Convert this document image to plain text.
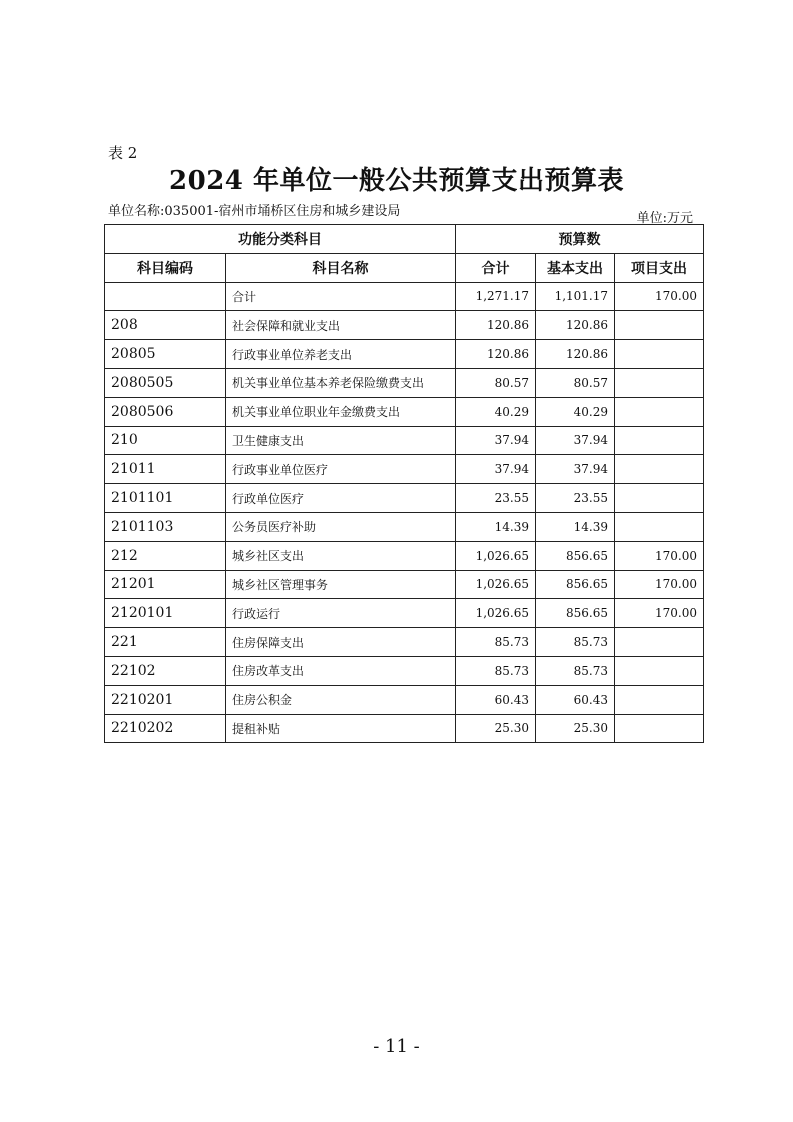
表 2
2024 年单位一般公共预算支出预算表
单位名称:035001-宿州市埇桥区住房和城乡建设局	单位:万元
功能分类科目		预算数		
科目编码	科目名称	合计	基本支出	项目支出
	合计	1,271.17	1,101.17	170.00
208	社会保障和就业支出	120.86	120.86	
20805	行政事业单位养老支出	120.86	120.86	
2080505	机关事业单位基本养老保险缴费支出	80.57	80.57	
2080506	机关事业单位职业年金缴费支出	40.29	40.29	
210	卫生健康支出	37.94	37.94	
21011	行政事业单位医疗	37.94	37.94	
2101101	行政单位医疗	23.55	23.55	
2101103	公务员医疗补助	14.39	14.39	
212	城乡社区支出	1,026.65	856.65	170.00
21201	城乡社区管理事务	1,026.65	856.65	170.00
2120101	行政运行	1,026.65	856.65	170.00
221	住房保障支出	85.73	85.73	
22102	住房改革支出	85.73	85.73	
2210201	住房公积金	60.43	60.43	
2210202	提租补贴	25.30	25.30	
- 11 -
